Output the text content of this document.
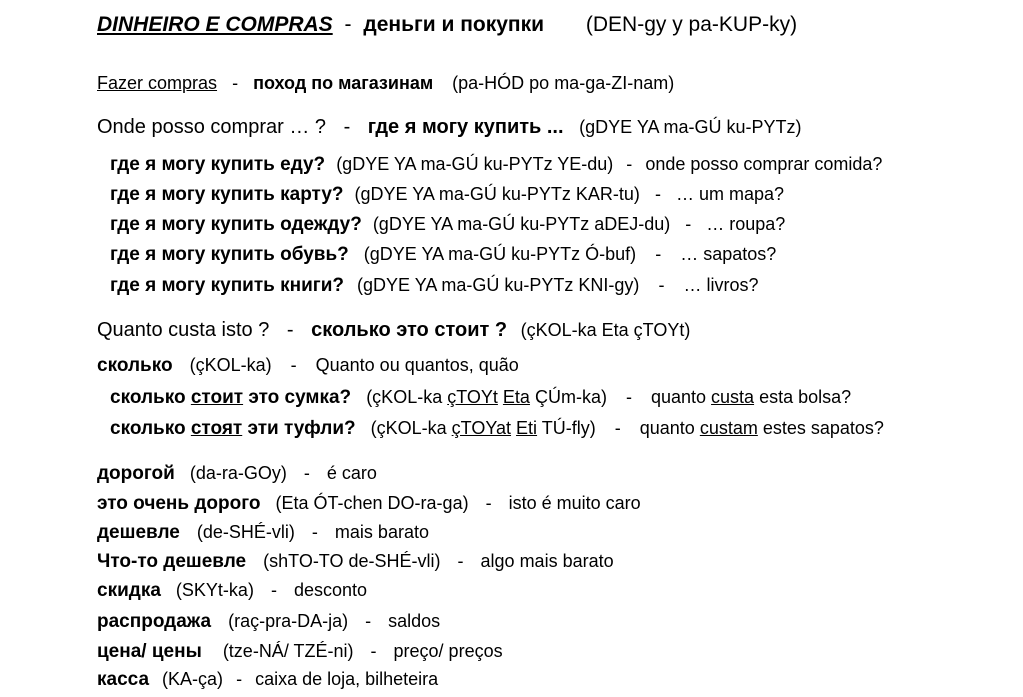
DINHEIRO E COMPRAS - деньги и покупки (DEN-gy y pa-KUP-ky)
Fazer compras - поход по магазинам (pa-HÓD po ma-ga-ZI-nam)
Onde posso comprar … ? - где я могу купить ... (gDYE YA ma-GÚ ku-PYTz)
где я могу купить еду? (gDYE YA ma-GÚ ku-PYTz YE-du) - onde posso comprar comida?
где я могу купить карту? (gDYE YA ma-GÚ ku-PYTz KAR-tu) - … um mapa?
где я могу купить одежду? (gDYE YA ma-GÚ ku-PYTz aDEJ-du) - … roupa?
где я могу купить обувь? (gDYE YA ma-GÚ ku-PYTz Ó-buf) - … sapatos?
где я могу купить книги? (gDYE YA ma-GÚ ku-PYTz KNI-gy) - … livros?
Quanto custa isto ? - сколько это стоит ? (çKOL-ka Eta çTOYt)
сколько (çKOL-ka) - Quanto ou quantos, quão
сколько стоит это сумка? (çKOL-ka çTOYt Eta ÇÚm-ka) - quanto custa esta bolsa?
сколько стоят эти туфли? (çKOL-ka çTOYat Eti TÚ-fly) - quanto custam estes sapatos?
дорогой (da-ra-GOy) - é caro
это очень дорого (Eta ÓT-chen DO-ra-ga) - isto é muito caro
дешевле (de-SHÉ-vli) - mais barato
Что-то дешевле (shTO-TO de-SHÉ-vli) - algo mais barato
скидка (SKYt-ka) - desconto
распродажа (raç-pra-DA-ja) - saldos
цена/ цены (tze-NÁ/ TZÉ-ni) - preço/ preços
касса (KA-ça) - caixa de loja, bilheteira
